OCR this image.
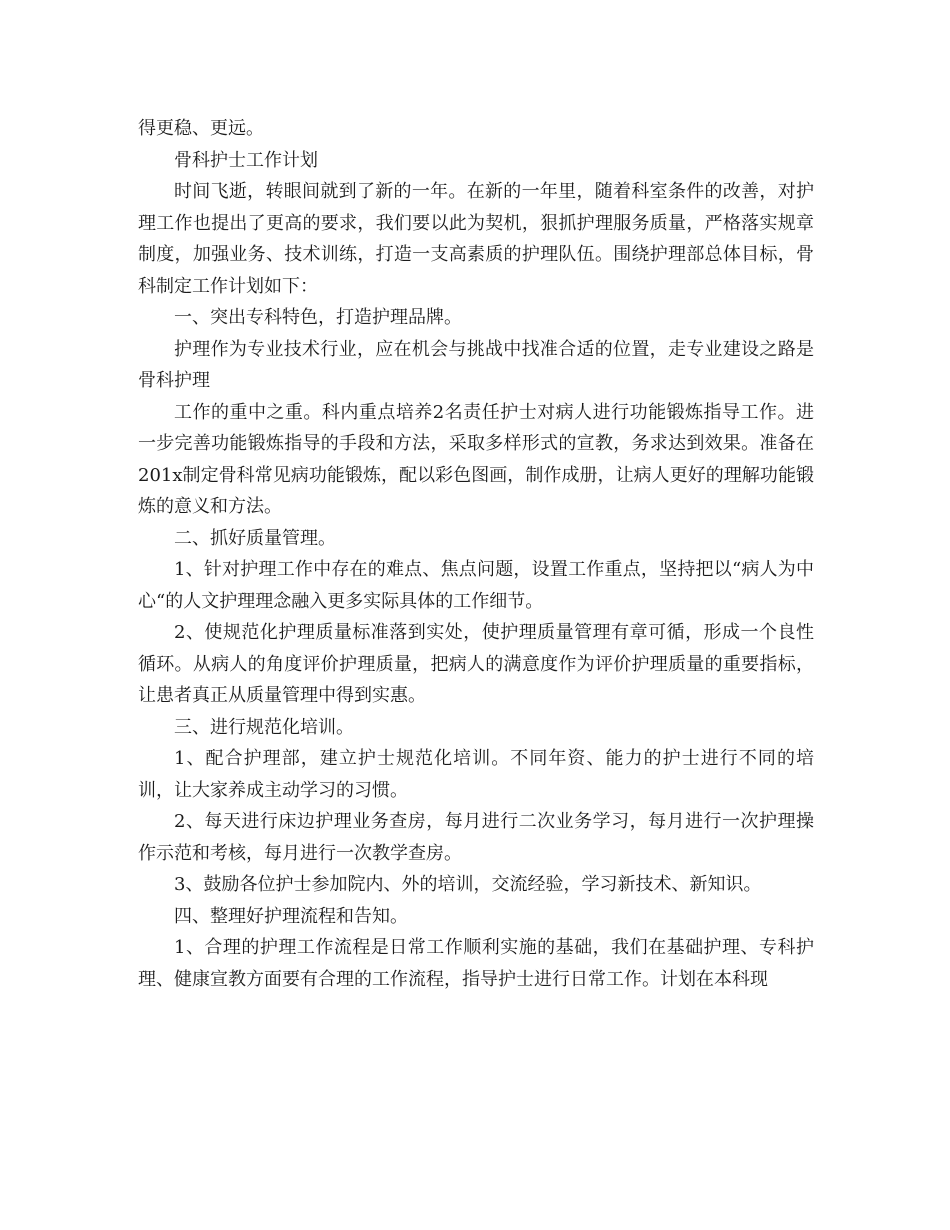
得更稳、更远。

骨科护士工作计划

时间飞逝，转眼间就到了新的一年。在新的一年里，随着科室条件的改善，对护理工作也提出了更高的要求，我们要以此为契机，狠抓护理服务质量，严格落实规章制度，加强业务、技术训练，打造一支高素质的护理队伍。围绕护理部总体目标，骨科制定工作计划如下：

一、突出专科特色，打造护理品牌。

护理作为专业技术行业，应在机会与挑战中找准合适的位置，走专业建设之路是骨科护理

工作的重中之重。科内重点培养2名责任护士对病人进行功能锻炼指导工作。进一步完善功能锻炼指导的手段和方法，采取多样形式的宣教，务求达到效果。准备在201x制定骨科常见病功能锻炼，配以彩色图画，制作成册，让病人更好的理解功能锻炼的意义和方法。

二、抓好质量管理。

1、针对护理工作中存在的难点、焦点问题，设置工作重点，坚持把以“病人为中心“的人文护理理念融入更多实际具体的工作细节。

2、使规范化护理质量标准落到实处，使护理质量管理有章可循，形成一个良性循环。从病人的角度评价护理质量，把病人的满意度作为评价护理质量的重要指标，让患者真正从质量管理中得到实惠。

三、进行规范化培训。

1、配合护理部，建立护士规范化培训。不同年资、能力的护士进行不同的培训，让大家养成主动学习的习惯。

2、每天进行床边护理业务查房，每月进行二次业务学习，每月进行一次护理操作示范和考核，每月进行一次教学查房。

3、鼓励各位护士参加院内、外的培训，交流经验，学习新技术、新知识。

四、整理好护理流程和告知。

1、合理的护理工作流程是日常工作顺利实施的基础，我们在基础护理、专科护理、健康宣教方面要有合理的工作流程，指导护士进行日常工作。计划在本科现
